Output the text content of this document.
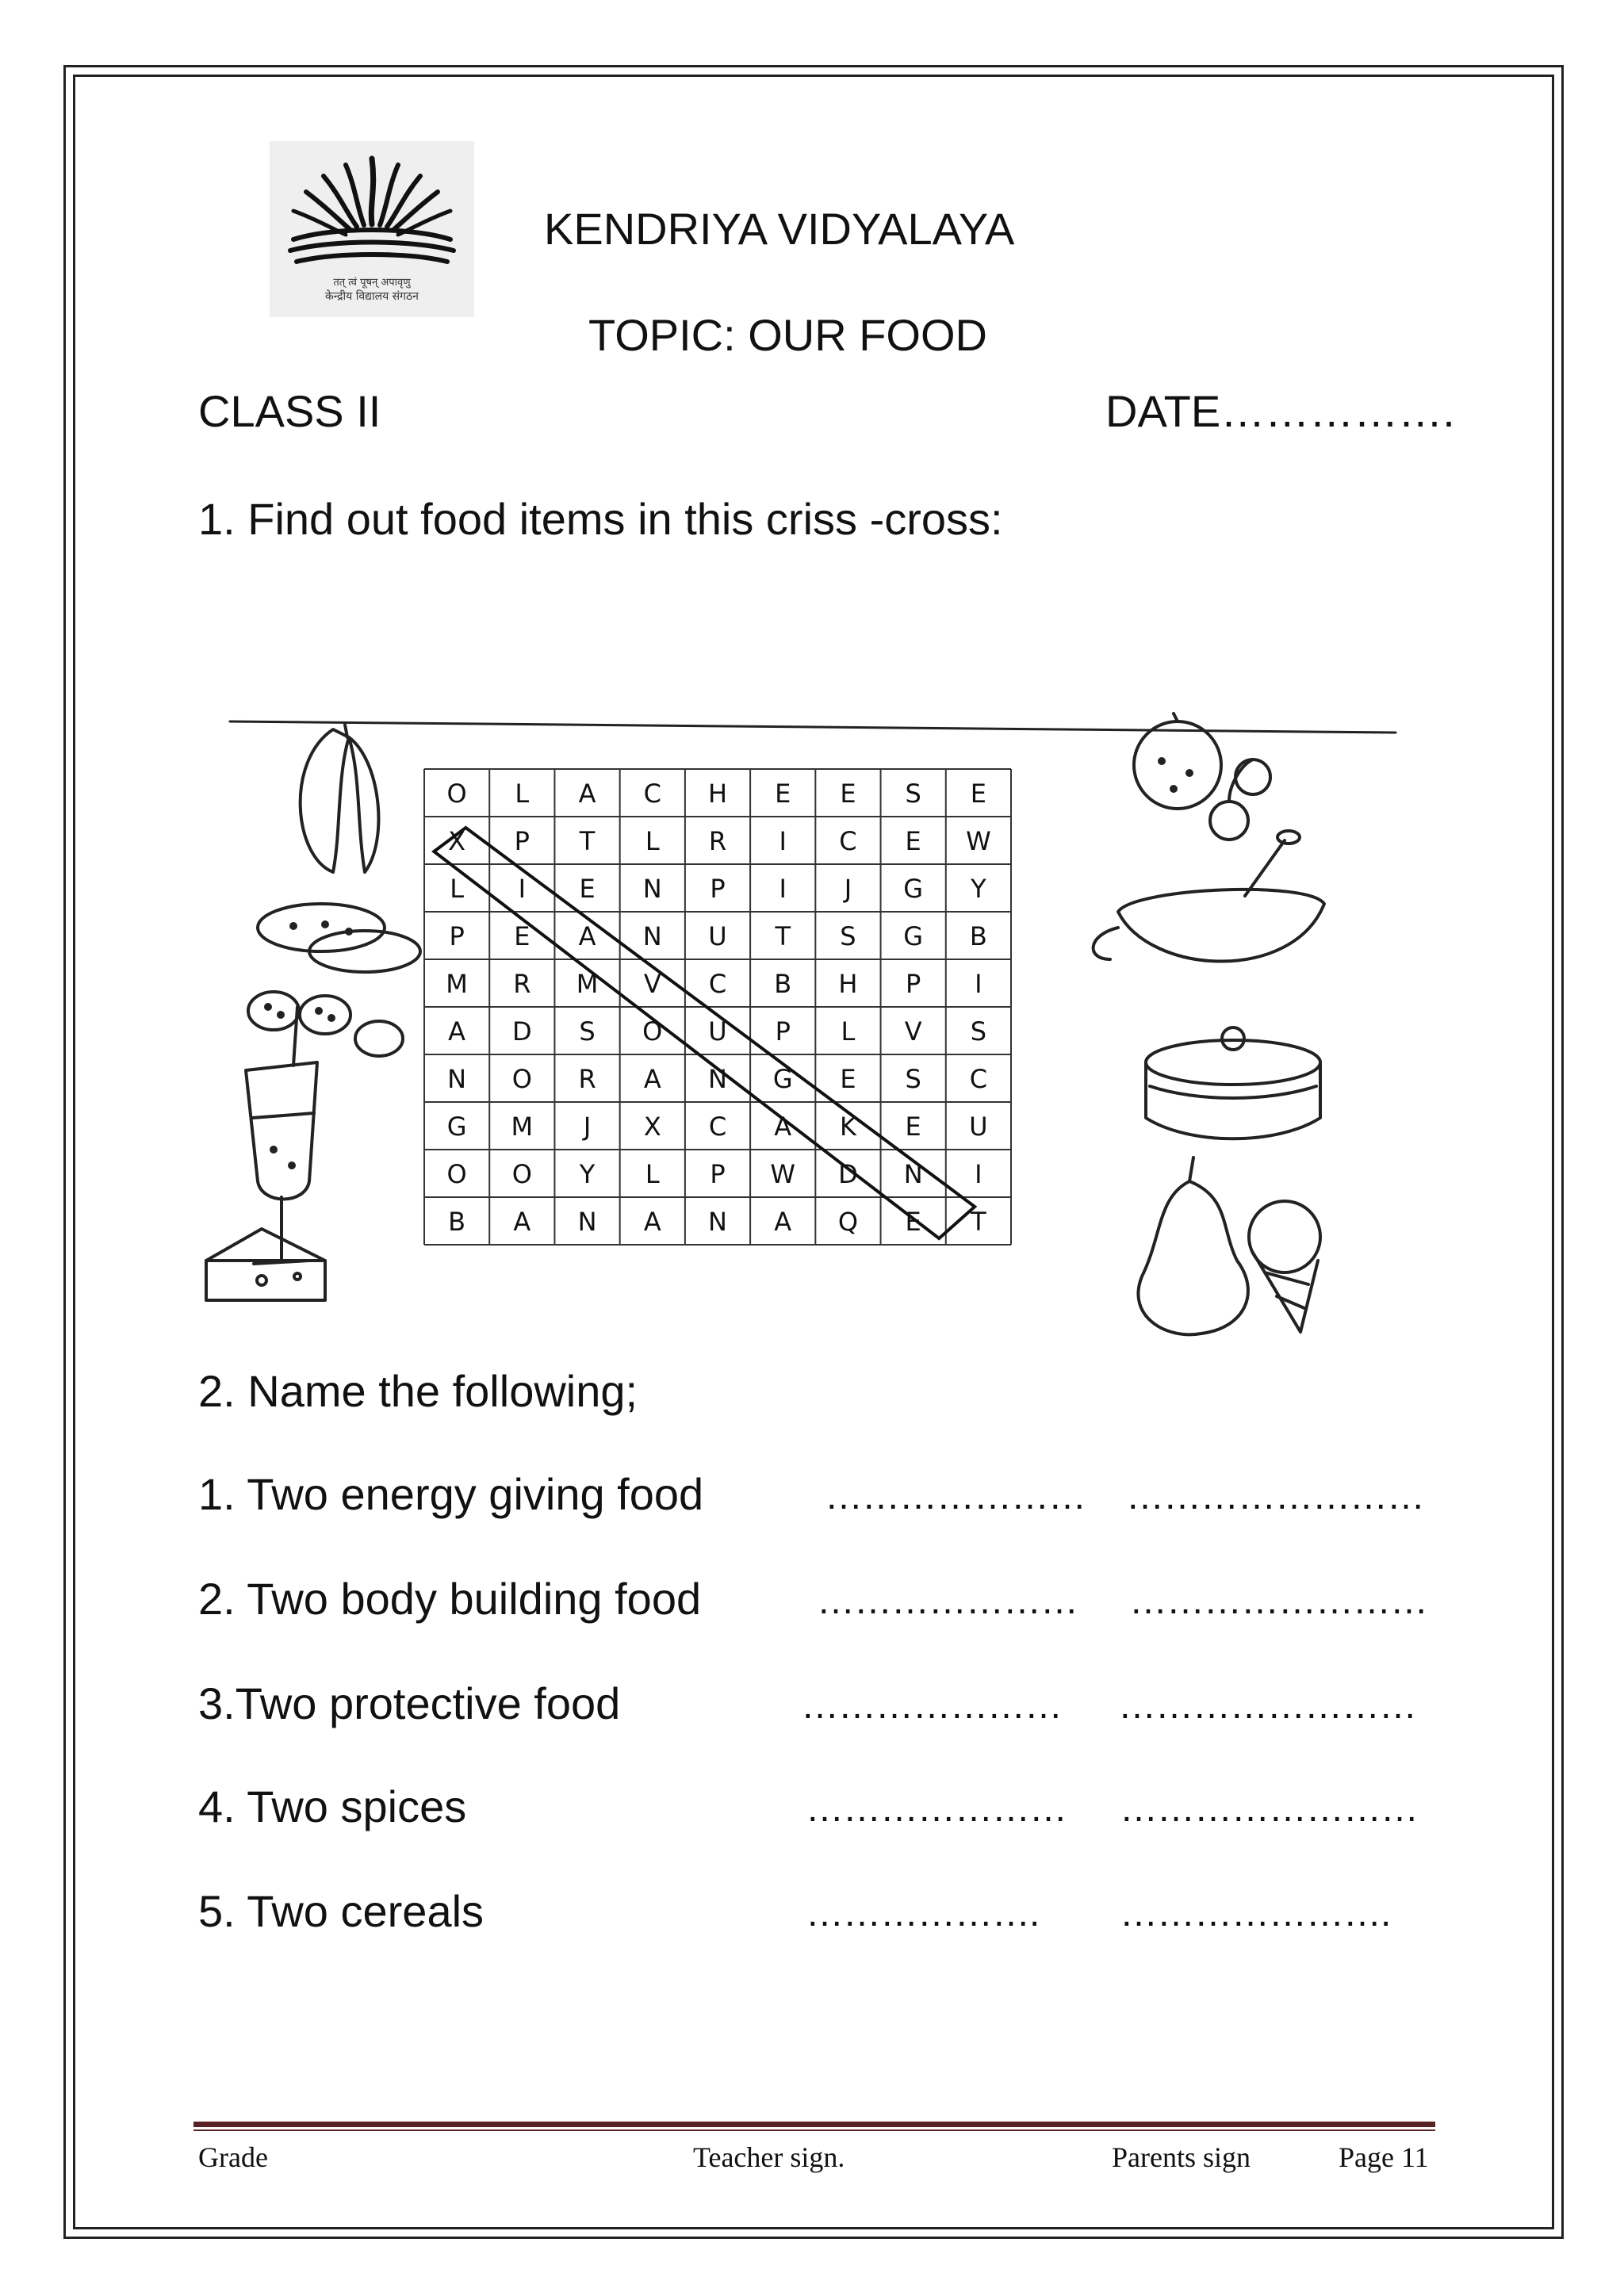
तत् त्वं पूषन् अपावृणु
केन्द्रीय विद्यालय संगठन
KENDRIYA VIDYALAYA
TOPIC: OUR FOOD
CLASS II	DATE…………….
1. Find out food items in this criss -cross:
O L A C H E E S E
X P T L R I C E W
L I E N P I J G Y
P E A N U T S G B
M R M V C B H P I
A D S O U P L V S
N O R A N G E S C
G M J X C A K E U
O O Y L P W D N I
B A N A N A Q E T
2. Name the following;
1. Two energy giving food	………………… ……………………
2. Two body building food	………………… ……………………
3.Two protective food	………………… ……………………
4. Two spices	………………… ……………………
5. Two cereals	………………. ………………….
Grade	Teacher sign.	Parents sign	Page 11
